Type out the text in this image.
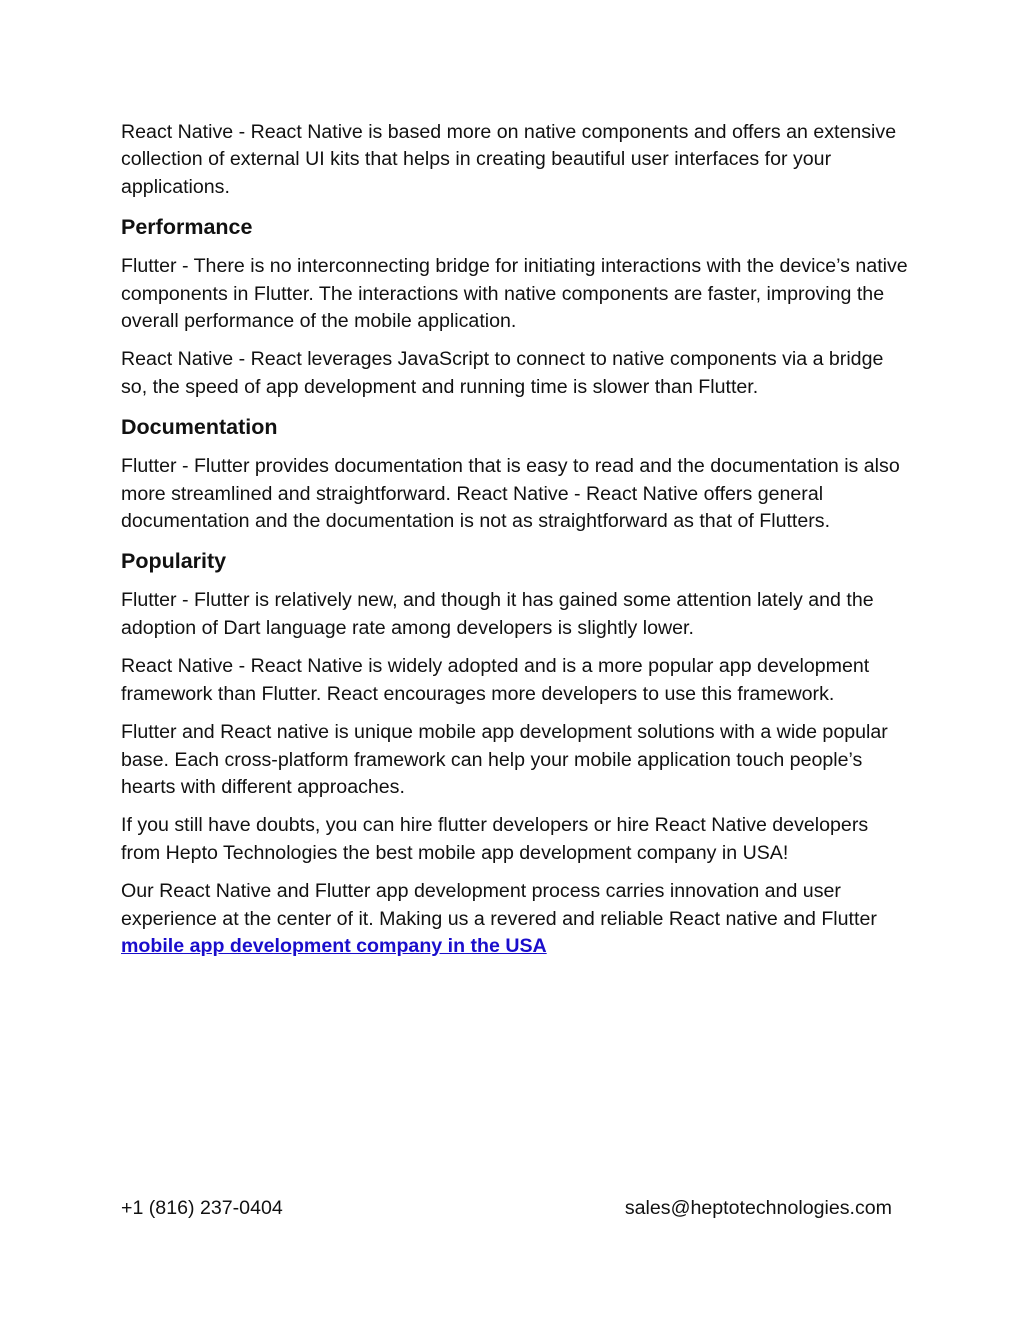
React Native - React Native is based more on native components and offers an extensive collection of external UI kits that helps in creating beautiful user interfaces for your applications.

Performance

Flutter - There is no interconnecting bridge for initiating interactions with the device’s native components in Flutter. The interactions with native components are faster, improving the overall performance of the mobile application.

React Native - React leverages JavaScript to connect to native components via a bridge so, the speed of app development and running time is slower than Flutter.

Documentation

Flutter - Flutter provides documentation that is easy to read and the documentation is also more streamlined and straightforward. React Native - React Native offers general documentation and the documentation is not as straightforward as that of Flutters.

Popularity

Flutter - Flutter is relatively new, and though it has gained some attention lately and the adoption of Dart language rate among developers is slightly lower.

React Native - React Native is widely adopted and is a more popular app development framework than Flutter. React encourages more developers to use this framework.

Flutter and React native is unique mobile app development solutions with a wide popular base. Each cross-platform framework can help your mobile application touch people’s hearts with different approaches.

If you still have doubts, you can hire flutter developers or hire React Native developers from Hepto Technologies the best mobile app development company in USA!

Our React Native and Flutter app development process carries innovation and user experience at the center of it. Making us a revered and reliable React native and Flutter mobile app development company in the USA

+1 (816) 237-0404	sales@heptotechnologies.com
